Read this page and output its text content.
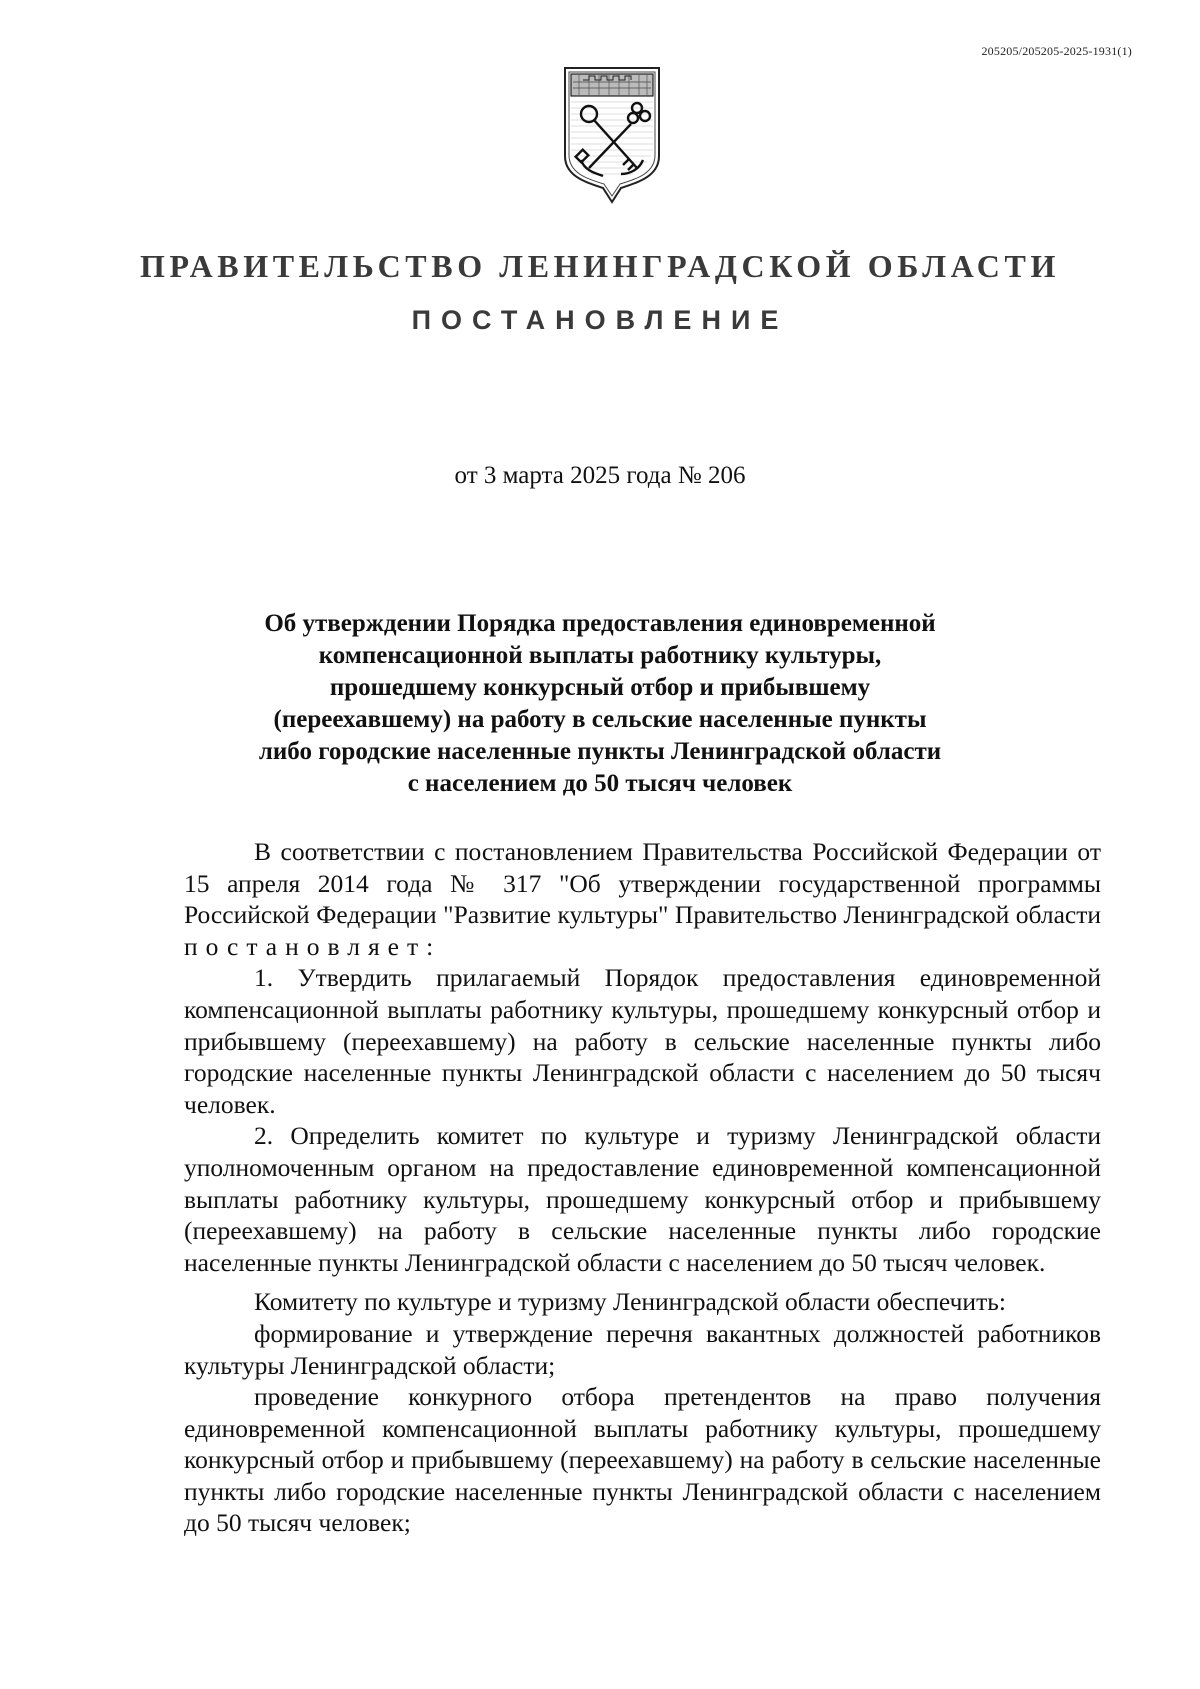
205205/205205-2025-1931(1)
ПРАВИТЕЛЬСТВО ЛЕНИНГРАДСКОЙ ОБЛАСТИ
ПОСТАНОВЛЕНИЕ
от 3 марта 2025 года № 206
Об утверждении Порядка предоставления единовременной
компенсационной выплаты работнику культуры,
прошедшему конкурсный отбор и прибывшему
(переехавшему) на работу в сельские населенные пункты
либо городские населенные пункты Ленинградской области
с населением до 50 тысяч человек

В соответствии с постановлением Правительства Российской Федерации от 15 апреля 2014 года № 317 "Об утверждении государственной программы Российской Федерации "Развитие культуры" Правительство Ленинградской области постановляет:

1. Утвердить прилагаемый Порядок предоставления единовременной компенсационной выплаты работнику культуры, прошедшему конкурсный отбор и прибывшему (переехавшему) на работу в сельские населенные пункты либо городские населенные пункты Ленинградской области с населением до 50 тысяч человек.

2. Определить комитет по культуре и туризму Ленинградской области уполномоченным органом на предоставление единовременной компенсационной выплаты работнику культуры, прошедшему конкурсный отбор и прибывшему (переехавшему) на работу в сельские населенные пункты либо городские населенные пункты Ленинградской области с населением до 50 тысяч человек.

Комитету по культуре и туризму Ленинградской области обеспечить:

формирование и утверждение перечня вакантных должностей работников культуры Ленинградской области;

проведение конкурного отбора претендентов на право получения единовременной компенсационной выплаты работнику культуры, прошедшему конкурсный отбор и прибывшему (переехавшему) на работу в сельские населенные пункты либо городские населенные пункты Ленинградской области с населением до 50 тысяч человек;
